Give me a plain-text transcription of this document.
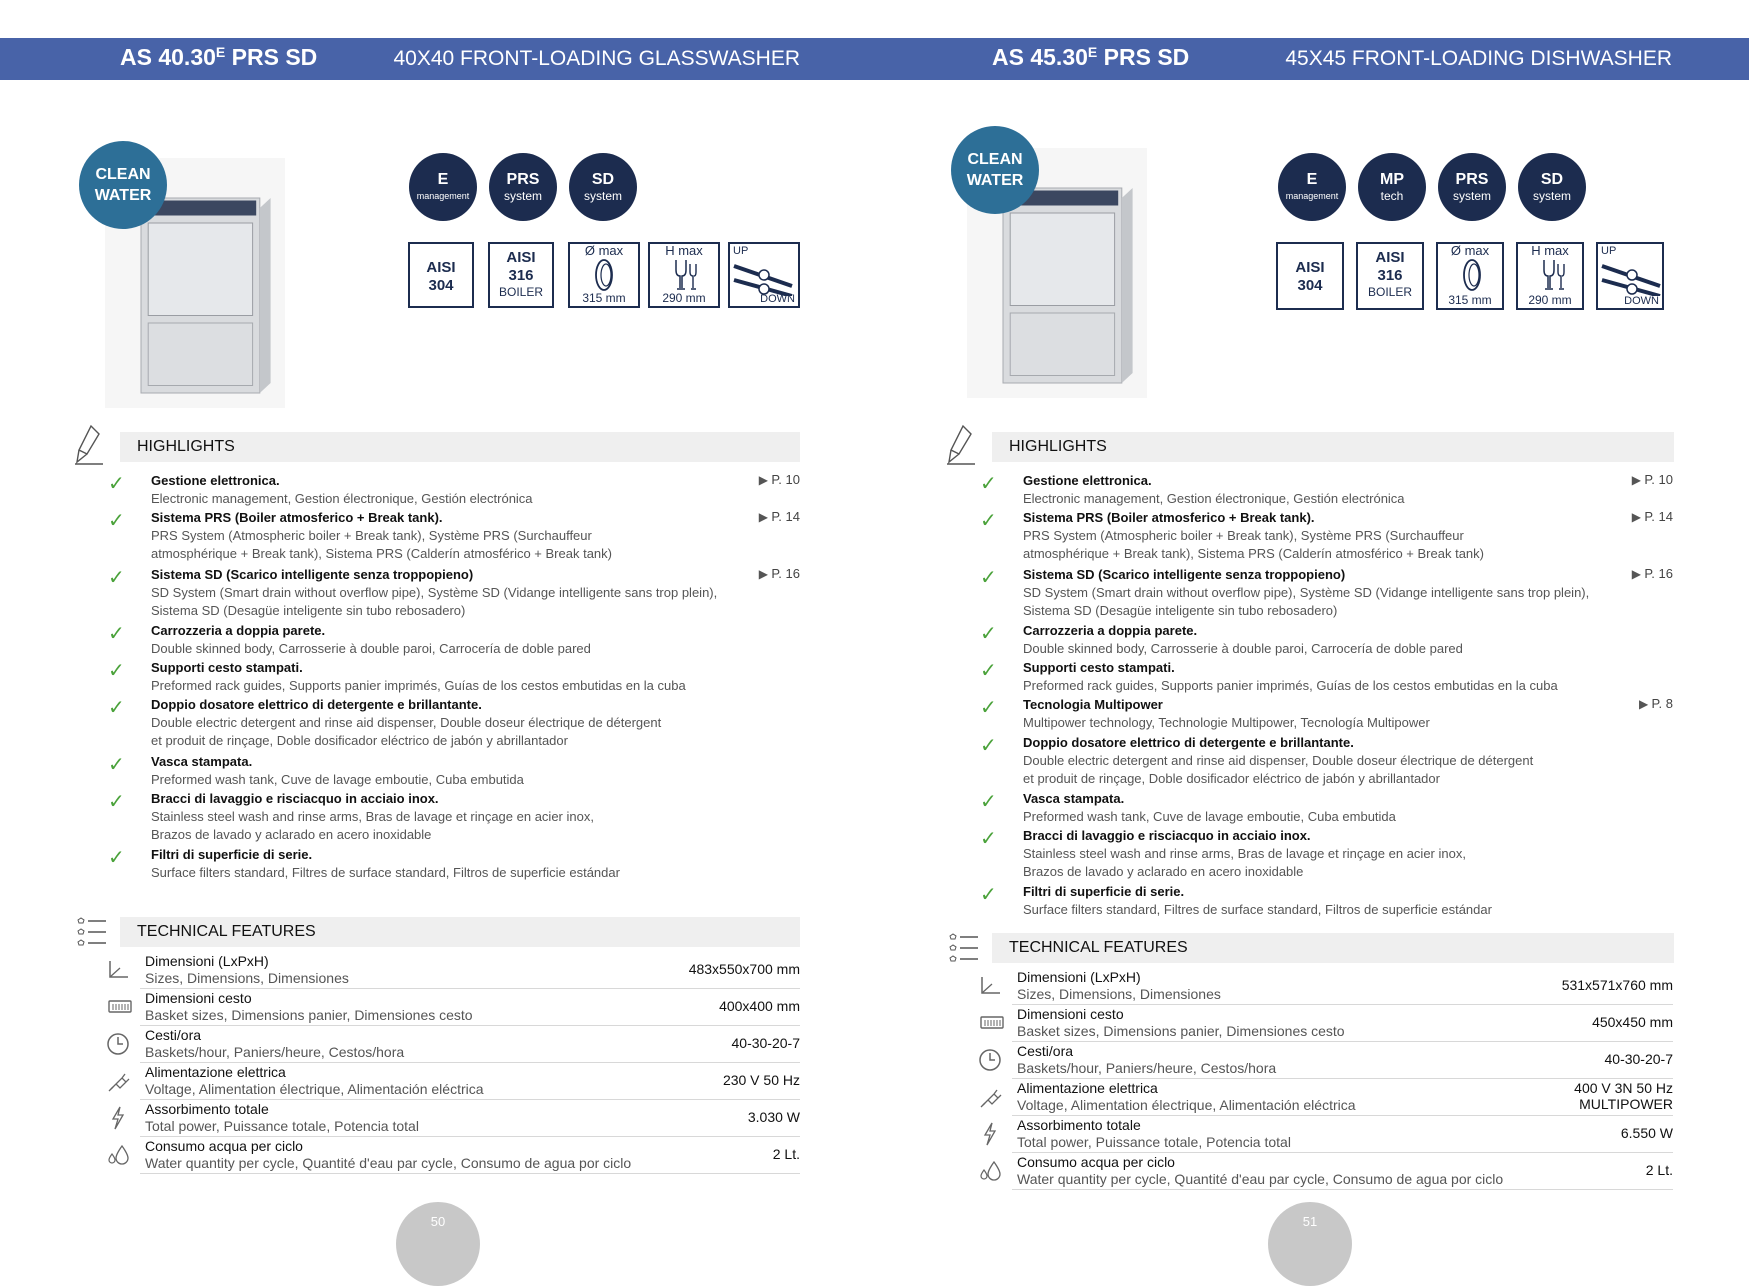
AS $40.30^E$ PRS SD	40X40 FRONT-LOADING GLASSWASHER
CLEAN
WATER
E
management
PRS
system
SD
system
AISI
304
AISI
316
BOILER
Ø max
315 mm
H max
290 mm
UP
DOWN
HIGHLIGHTS
✓ Gestione elettronica.
Electronic management, Gestion électronique, Gestión electrónica
▶ P. 10
✓ Sistema PRS (Boiler atmosferico + Break tank).
PRS System (Atmospheric boiler + Break tank), Système PRS (Surchauffeur
atmosphérique + Break tank), Sistema PRS (Calderín atmosférico + Break tank)
▶ P. 14
✓ Sistema SD (Scarico intelligente senza troppopieno)
SD System (Smart drain without overflow pipe), Système SD (Vidange intelligente sans trop plein),
Sistema SD (Desagüe inteligente sin tubo rebosadero)
▶ P. 16
✓ Carrozzeria a doppia parete.
Double skinned body, Carrosserie à double paroi, Carrocería de doble pared
✓ Supporti cesto stampati.
Preformed rack guides, Supports panier imprimés, Guías de los cestos embutidas en la cuba
✓ Doppio dosatore elettrico di detergente e brillantante.
Double electric detergent and rinse aid dispenser, Double doseur électrique de détergent
et produit de rinçage, Doble dosificador eléctrico de jabón y abrillantador
✓ Vasca stampata.
Preformed wash tank, Cuve de lavage emboutie, Cuba embutida
✓ Bracci di lavaggio e risciacquo in acciaio inox.
Stainless steel wash and rinse arms, Bras de lavage et rinçage en acier inox,
Brazos de lavado y aclarado en acero inoxidable
✓ Filtri di superficie di serie.
Surface filters standard, Filtres de surface standard, Filtros de superficie estándar
TECHNICAL FEATURES
Dimensioni (LxPxH)
Sizes, Dimensions, Dimensiones
483x550x700 mm
Dimensioni cesto
Basket sizes, Dimensions panier, Dimensiones cesto
400x400 mm
Cesti/ora
Baskets/hour, Paniers/heure, Cestos/hora
40-30-20-7
Alimentazione elettrica
Voltage, Alimentation électrique, Alimentación eléctrica
230 V 50 Hz
Assorbimento totale
Total power, Puissance totale, Potencia total
3.030 W
Consumo acqua per ciclo
Water quantity per cycle, Quantité d'eau par cycle, Consumo de agua por ciclo
2 Lt.
50
AS $45.30^E$ PRS SD	45X45 FRONT-LOADING DISHWASHER
CLEAN
WATER	E
management
MP
tech
PRS
system
SD
system
AISI
304
AISI
316
BOILER
Ø max
315 mm
H max
290 mm
UP
DOWN
HIGHLIGHTS
✓ Gestione elettronica.
Electronic management, Gestion électronique, Gestión electrónica
▶ P. 10
✓ Sistema PRS (Boiler atmosferico + Break tank).
PRS System (Atmospheric boiler + Break tank), Système PRS (Surchauffeur
atmosphérique + Break tank), Sistema PRS (Calderín atmosférico + Break tank)
▶ P. 14
✓ Sistema SD (Scarico intelligente senza troppopieno)
SD System (Smart drain without overflow pipe), Système SD (Vidange intelligente sans trop plein),
Sistema SD (Desagüe inteligente sin tubo rebosadero)
▶ P. 16
✓ Carrozzeria a doppia parete.
Double skinned body, Carrosserie à double paroi, Carrocería de doble pared
✓ Supporti cesto stampati.
Preformed rack guides, Supports panier imprimés, Guías de los cestos embutidas en la cuba
✓ Tecnologia Multipower
Multipower technology, Technologie Multipower, Tecnología Multipower
▶ P. 8
✓ Doppio dosatore elettrico di detergente e brillantante.
Double electric detergent and rinse aid dispenser, Double doseur électrique de détergent
et produit de rinçage, Doble dosificador eléctrico de jabón y abrillantador
✓ Vasca stampata.
Preformed wash tank, Cuve de lavage emboutie, Cuba embutida
✓ Bracci di lavaggio e risciacquo in acciaio inox.
Stainless steel wash and rinse arms, Bras de lavage et rinçage en acier inox,
Brazos de lavado y aclarado en acero inoxidable
✓ Filtri di superficie di serie.
Surface filters standard, Filtres de surface standard, Filtros de superficie estándar
TECHNICAL FEATURES
Dimensioni (LxPxH)
Sizes, Dimensions, Dimensiones
531x571x760 mm
Dimensioni cesto
Basket sizes, Dimensions panier, Dimensiones cesto
450x450 mm
Cesti/ora
Baskets/hour, Paniers/heure, Cestos/hora
40-30-20-7
Alimentazione elettrica
Voltage, Alimentation électrique, Alimentación eléctrica
400 V 3N 50 Hz
MULTIPOWER
Assorbimento totale
Total power, Puissance totale, Potencia total
6.550 W
Consumo acqua per ciclo
Water quantity per cycle, Quantité d'eau par cycle, Consumo de agua por ciclo
2 Lt.
51
